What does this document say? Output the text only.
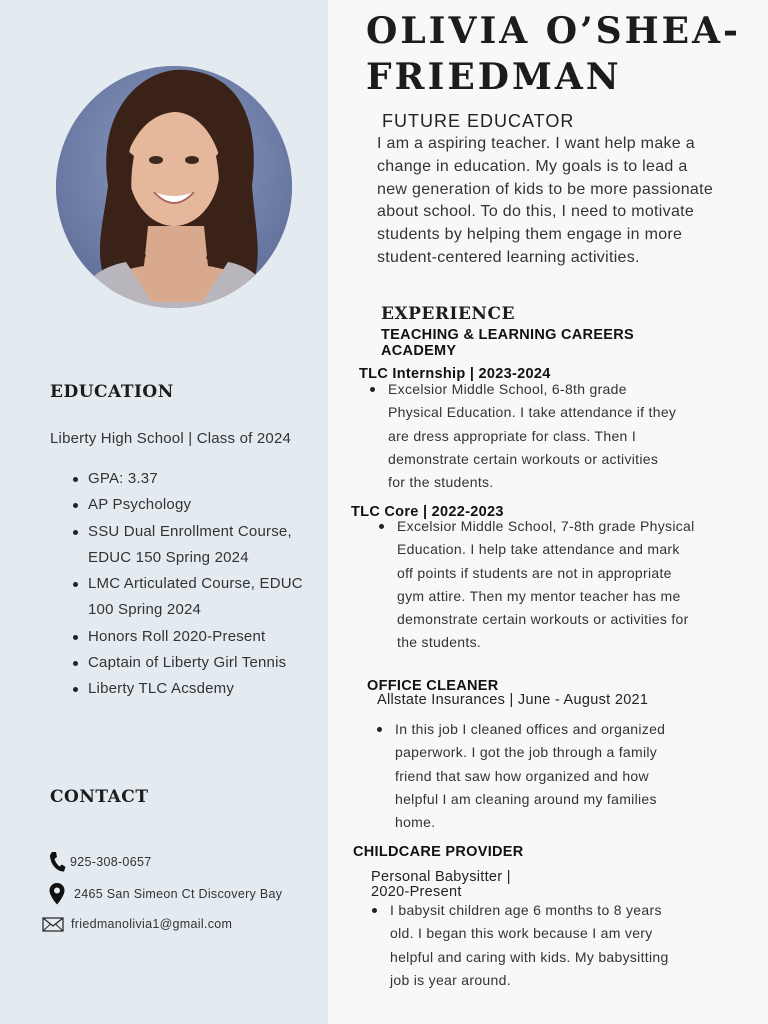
EDUCATION
Liberty High School | Class of 2024
GPA: 3.37
AP Psychology
SSU Dual Enrollment Course, EDUC 150 Spring 2024
LMC Articulated Course, EDUC 100 Spring 2024
Honors Roll 2020-Present
Captain of Liberty Girl Tennis
Liberty TLC Acsdemy
CONTACT
925-308-0657
2465 San Simeon Ct Discovery Bay
friedmanolivia1@gmail.com
OLIVIA O’SHEA-FRIEDMAN
FUTURE EDUCATOR
I am a aspiring teacher. I want help make a change in education. My goals is to lead a new generation of kids to be more passionate about school. To do this, I need to motivate students by helping them engage in more student-centered learning activities.
EXPERIENCE
TEACHING & LEARNING CAREERS ACADEMY
TLC Internship | 2023-2024
Excelsior Middle School, 6-8th grade Physical Education. I take attendance if they are dress appropriate for class. Then I demonstrate certain workouts or activities for the students.
TLC Core | 2022-2023
Excelsior Middle School, 7-8th grade Physical Education. I help take attendance and mark off points if students are not in appropriate gym attire. Then my mentor teacher has me demonstrate certain workouts or activities for the students.
OFFICE CLEANER
Allstate Insurances | June - August 2021
In this job I cleaned offices and organized paperwork. I got the job through a family friend that saw how organized and how helpful I am cleaning around my families home.
CHILDCARE PROVIDER
Personal Babysitter | 2020-Present
I babysit children age 6 months to 8 years old. I began this work because I am very helpful and caring with kids. My babysitting job is year around.
